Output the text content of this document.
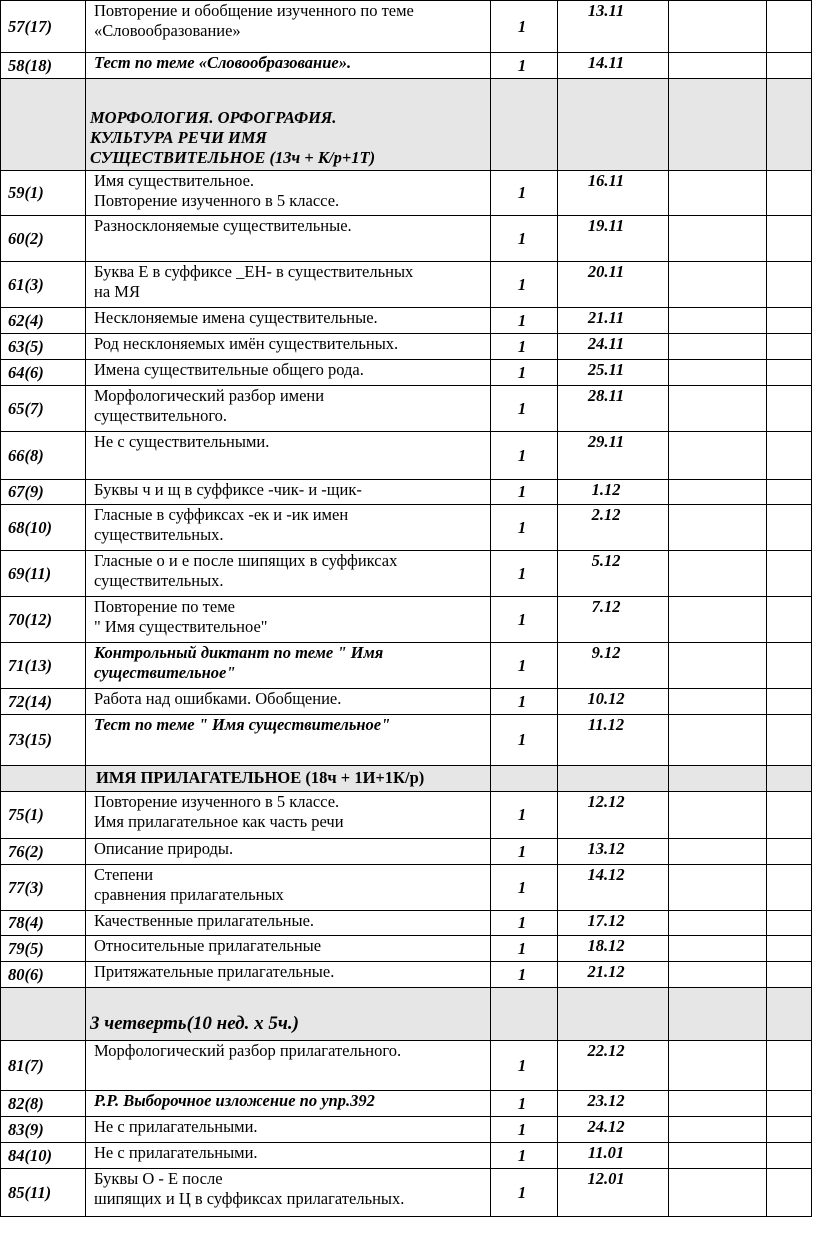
57(17)	Повторение и обобщение изученного по теме
«Словообразование»	1	13.11		
58(18)	Тест по теме «Словообразование».	1	14.11		
	МОРФОЛОГИЯ. ОРФОГРАФИЯ.
КУЛЬТУРА РЕЧИ ИМЯ
СУЩЕСТВИТЕЛЬНОЕ (13ч + К/р+1Т)				
59(1)	Имя существительное.
Повторение изученного в 5 классе.	1	16.11		
60(2)	Разносклоняемые существительные.	1	19.11		
61(3)	Буква Е в суффиксе _ЕН- в существительных
на МЯ	1	20.11		
62(4)	Несклоняемые имена существительные.	1	21.11		
63(5)	Род несклоняемых имён существительных.	1	24.11		
64(6)	Имена существительные общего рода.	1	25.11		
65(7)	Морфологический разбор имени
существительного.	1	28.11		
66(8)	Не с существительными.	1	29.11		
67(9)	Буквы ч и щ в суффиксе -чик- и -щик-	1	1.12		
68(10)	Гласные в суффиксах -ек и -ик имен
существительных.	1	2.12		
69(11)	Гласные о и е после шипящих в суффиксах
существительных.	1	5.12		
70(12)	Повторение по теме
" Имя существительное"	1	7.12		
71(13)	Контрольный диктант по теме " Имя
существительное"	1	9.12		
72(14)	Работа над ошибками. Обобщение.	1	10.12		
73(15)	Тест по теме " Имя существительное"	1	11.12		
	ИМЯ ПРИЛАГАТЕЛЬНОЕ (18ч + 1И+1К/р)				
75(1)	Повторение изученного в 5 классе.
Имя прилагательное как часть речи	1	12.12		
76(2)	Описание природы.	1	13.12		
77(3)	Степени
сравнения прилагательных	1	14.12		
78(4)	Качественные прилагательные.	1	17.12		
79(5)	Относительные прилагательные	1	18.12		
80(6)	Притяжательные прилагательные.	1	21.12		
	3 четверть(10 нед. х 5ч.)				
81(7)	Морфологический разбор прилагательного.	1	22.12		
82(8)	Р.Р. Выборочное изложение по упр.392	1	23.12		
83(9)	Не с прилагательными.	1	24.12		
84(10)	Не с прилагательными.	1	11.01		
85(11)	Буквы О - Е после
шипящих и Ц в суффиксах прилагательных.	1	12.01		
